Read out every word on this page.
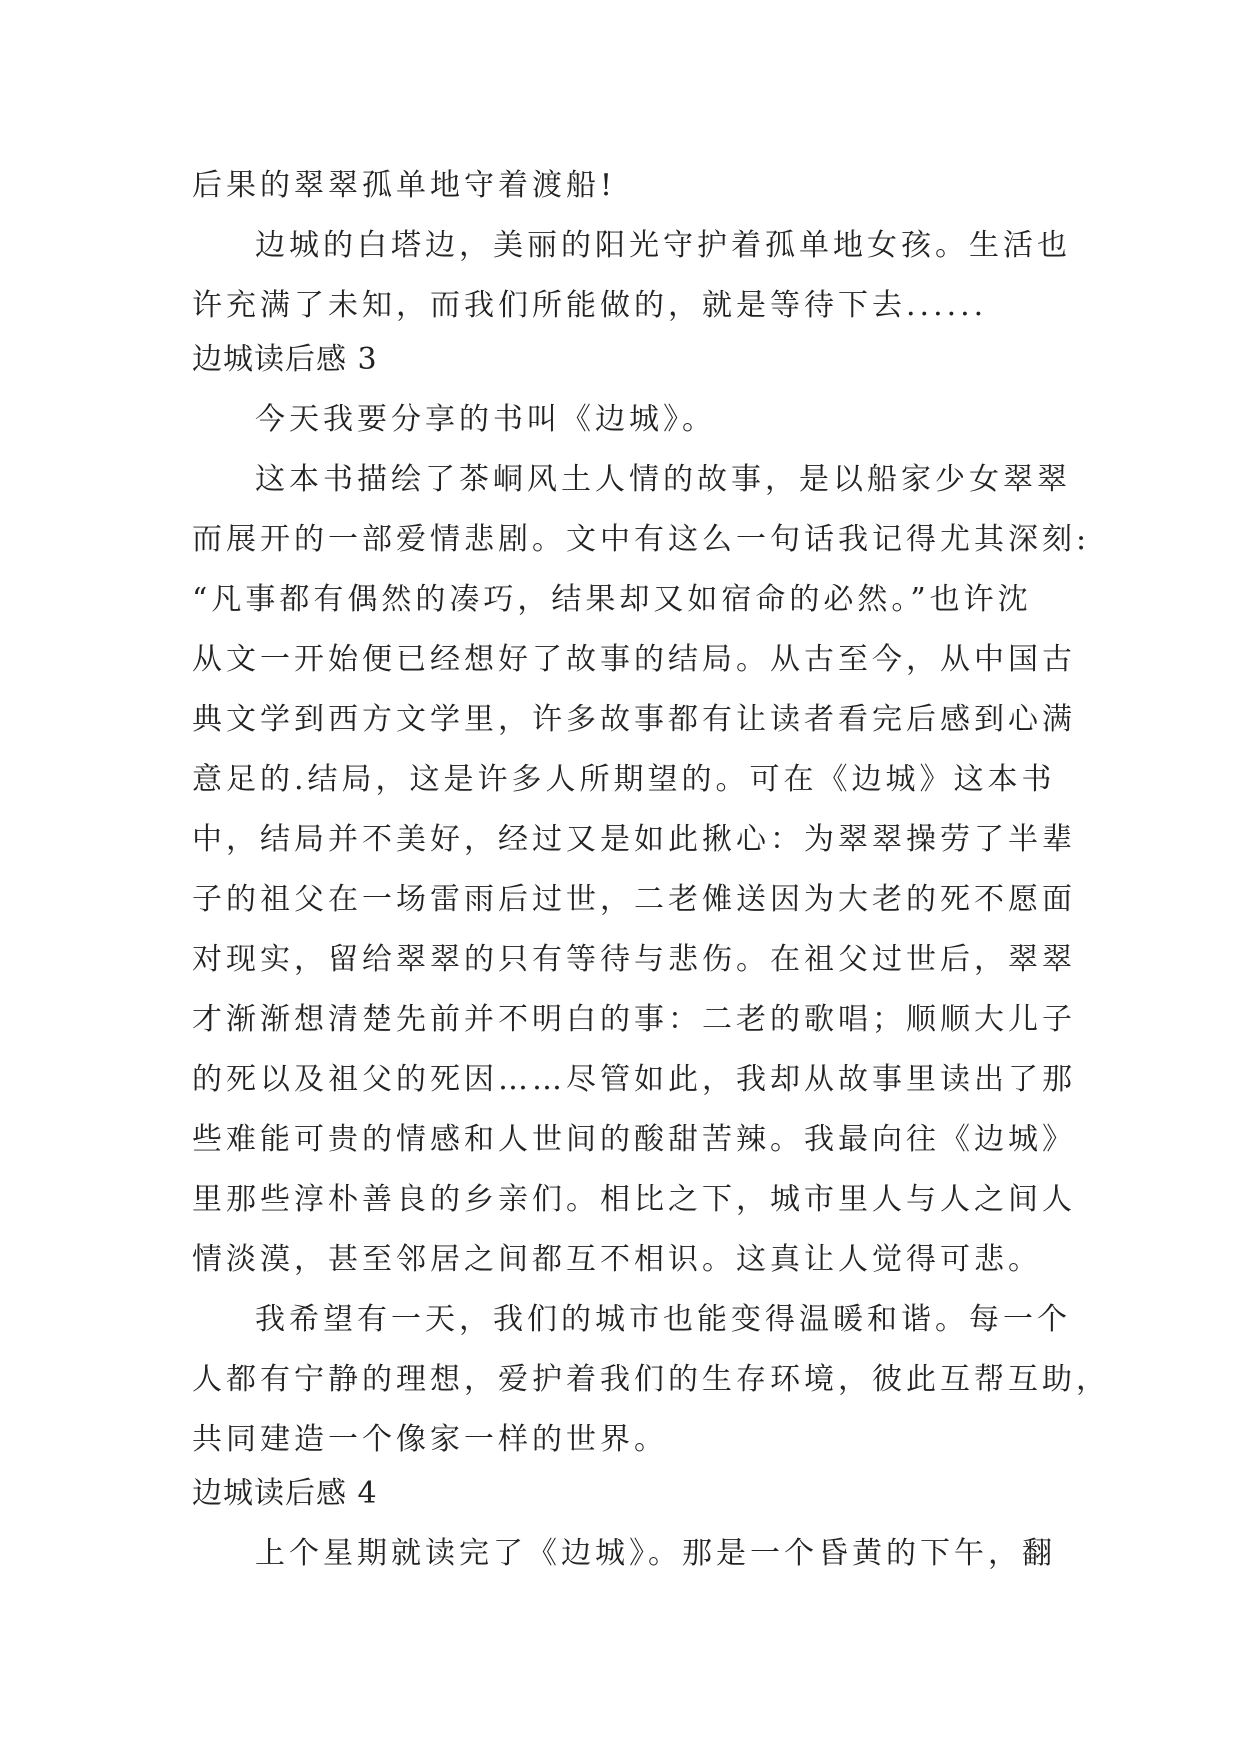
后果的翠翠孤单地守着渡船!
边城的白塔边，美丽的阳光守护着孤单地女孩。生活也
许充满了未知，而我们所能做的，就是等待下去......
边城读后感 3
今天我要分享的书叫《边城》。
这本书描绘了茶峒风土人情的故事，是以船家少女翠翠
而展开的一部爱情悲剧。文中有这么一句话我记得尤其深刻:
“凡事都有偶然的凑巧，结果却又如宿命的必然。”也许沈
从文一开始便已经想好了故事的结局。从古至今，从中国古
典文学到西方文学里，许多故事都有让读者看完后感到心满
意足的.结局，这是许多人所期望的。可在《边城》这本书
中，结局并不美好，经过又是如此揪心：为翠翠操劳了半辈
子的祖父在一场雷雨后过世，二老傩送因为大老的死不愿面
对现实，留给翠翠的只有等待与悲伤。在祖父过世后，翠翠
才渐渐想清楚先前并不明白的事：二老的歌唱；顺顺大儿子
的死以及祖父的死因……尽管如此，我却从故事里读出了那
些难能可贵的情感和人世间的酸甜苦辣。我最向往《边城》
里那些淳朴善良的乡亲们。相比之下，城市里人与人之间人
情淡漠，甚至邻居之间都互不相识。这真让人觉得可悲。
我希望有一天，我们的城市也能变得温暖和谐。每一个
人都有宁静的理想，爱护着我们的生存环境，彼此互帮互助，
共同建造一个像家一样的世界。
边城读后感 4
上个星期就读完了《边城》。那是一个昏黄的下午，翻
